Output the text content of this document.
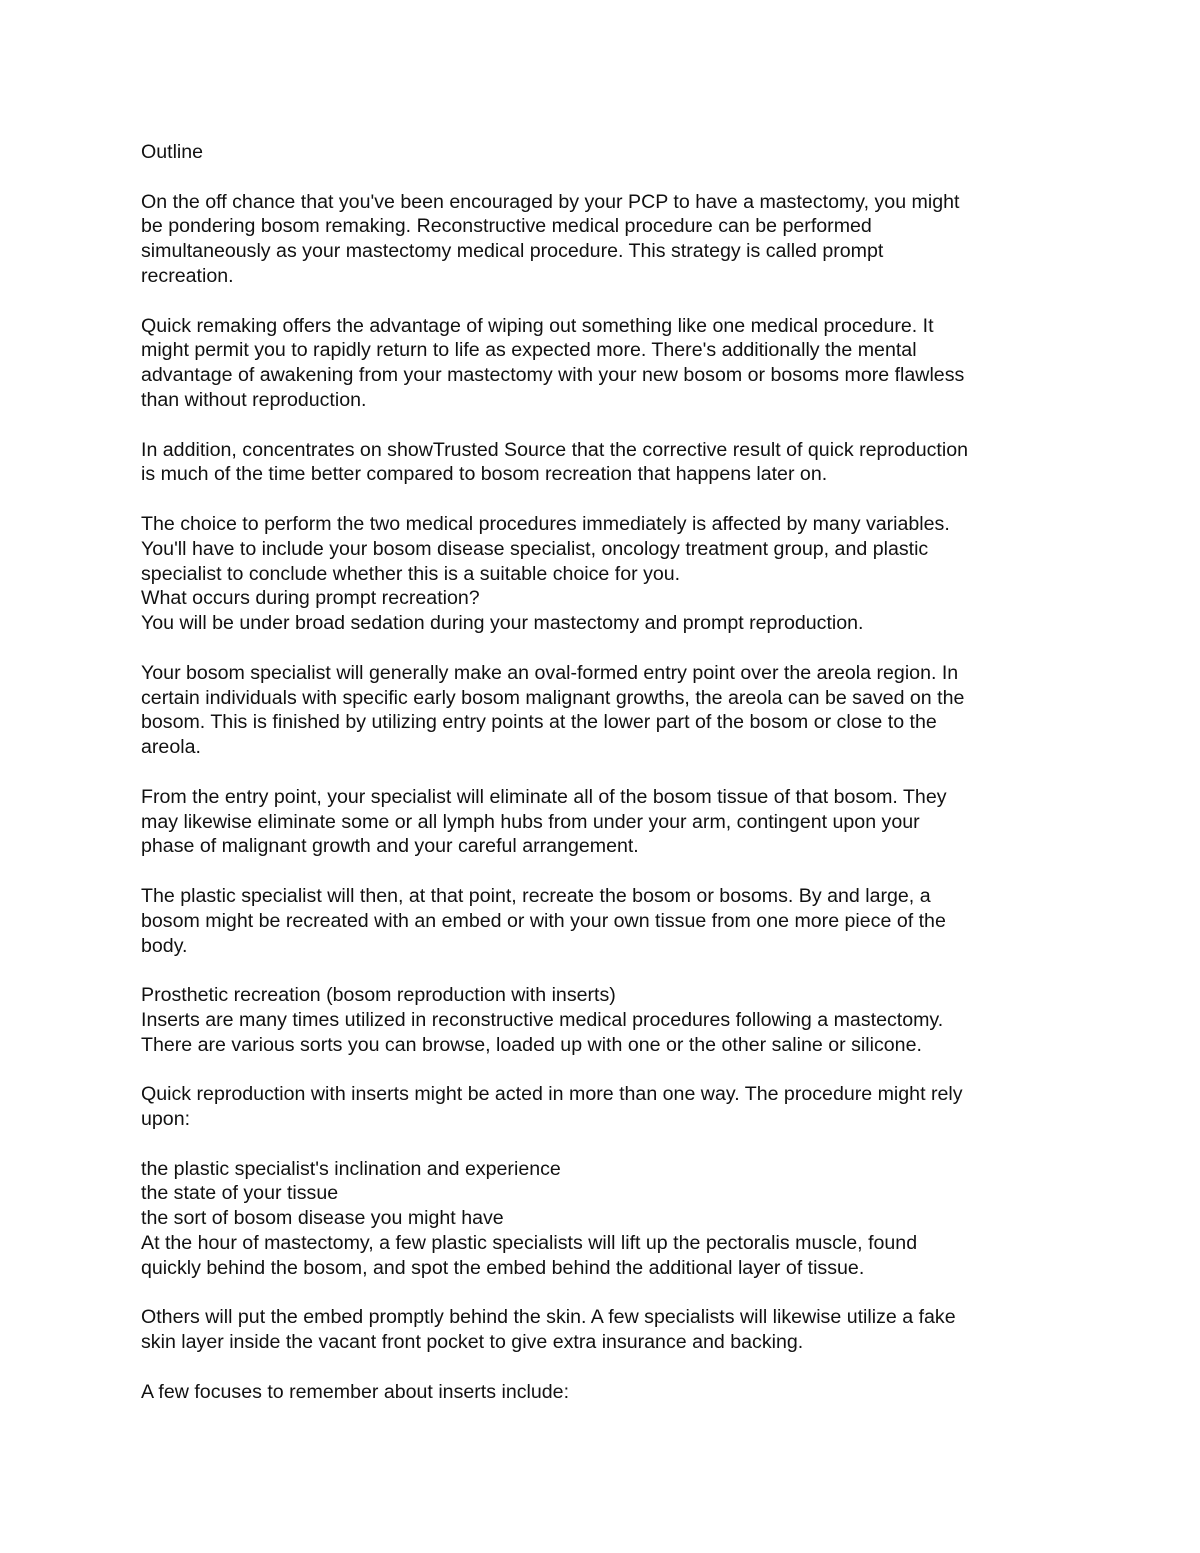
Outline
On the off chance that you've been encouraged by your PCP to have a mastectomy, you might
be pondering bosom remaking. Reconstructive medical procedure can be performed
simultaneously as your mastectomy medical procedure. This strategy is called prompt
recreation.
Quick remaking offers the advantage of wiping out something like one medical procedure. It
might permit you to rapidly return to life as expected more. There's additionally the mental
advantage of awakening from your mastectomy with your new bosom or bosoms more flawless
than without reproduction.
In addition, concentrates on showTrusted Source that the corrective result of quick reproduction
is much of the time better compared to bosom recreation that happens later on.
The choice to perform the two medical procedures immediately is affected by many variables.
You'll have to include your bosom disease specialist, oncology treatment group, and plastic
specialist to conclude whether this is a suitable choice for you.
What occurs during prompt recreation?
You will be under broad sedation during your mastectomy and prompt reproduction.
Your bosom specialist will generally make an oval-formed entry point over the areola region. In
certain individuals with specific early bosom malignant growths, the areola can be saved on the
bosom. This is finished by utilizing entry points at the lower part of the bosom or close to the
areola.
From the entry point, your specialist will eliminate all of the bosom tissue of that bosom. They
may likewise eliminate some or all lymph hubs from under your arm, contingent upon your
phase of malignant growth and your careful arrangement.
The plastic specialist will then, at that point, recreate the bosom or bosoms. By and large, a
bosom might be recreated with an embed or with your own tissue from one more piece of the
body.
Prosthetic recreation (bosom reproduction with inserts)
Inserts are many times utilized in reconstructive medical procedures following a mastectomy.
There are various sorts you can browse, loaded up with one or the other saline or silicone.
Quick reproduction with inserts might be acted in more than one way. The procedure might rely
upon:
the plastic specialist's inclination and experience
the state of your tissue
the sort of bosom disease you might have
At the hour of mastectomy, a few plastic specialists will lift up the pectoralis muscle, found
quickly behind the bosom, and spot the embed behind the additional layer of tissue.
Others will put the embed promptly behind the skin. A few specialists will likewise utilize a fake
skin layer inside the vacant front pocket to give extra insurance and backing.
A few focuses to remember about inserts include:
